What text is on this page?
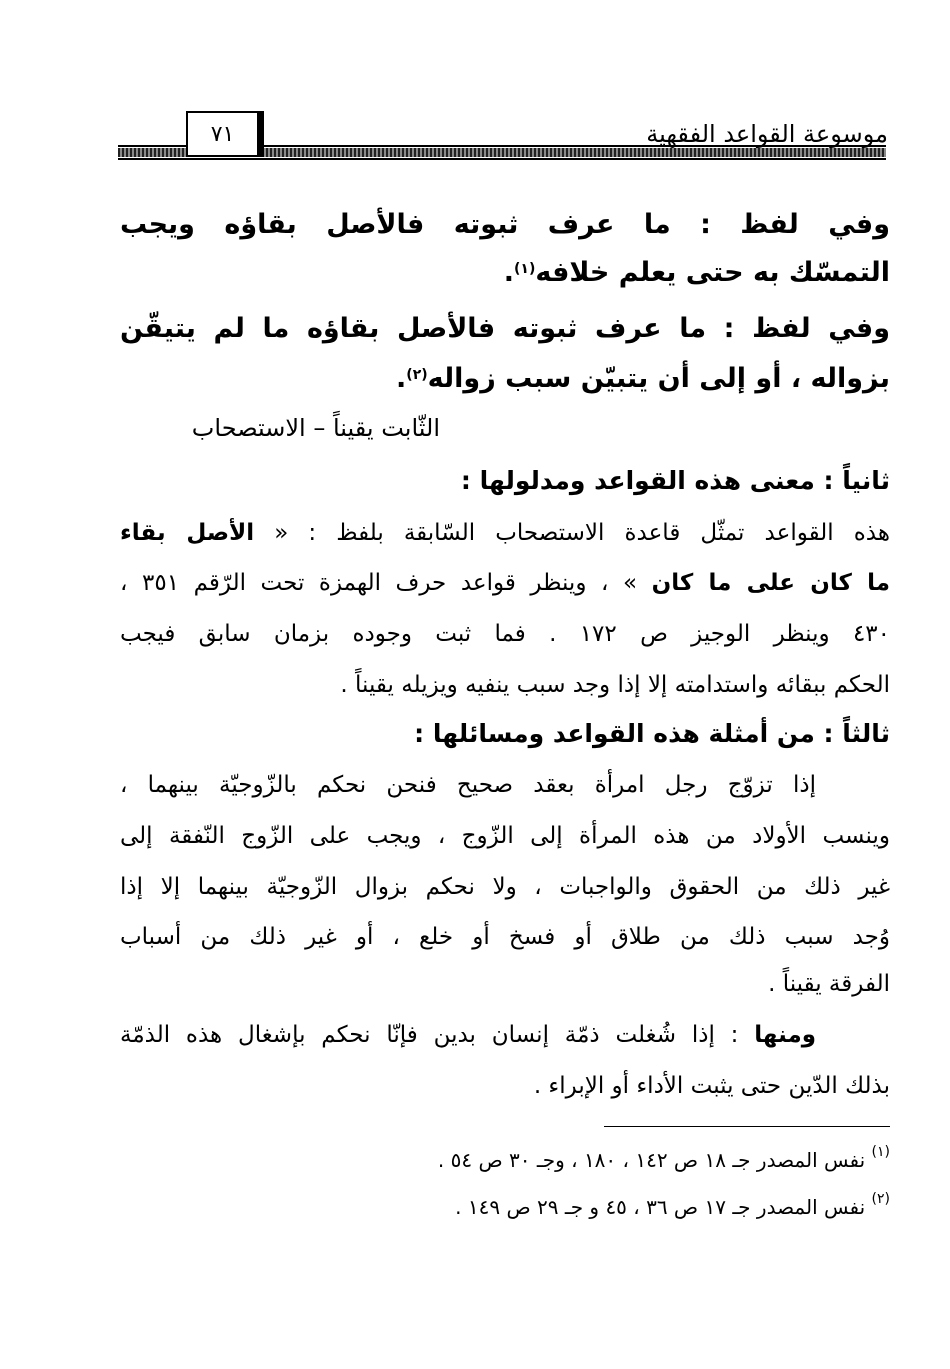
موسوعة القواعد الفقهية
٧١
وفي لفظ : ما عرف ثبوته فالأصل بقاؤه ويجب
التمسّك به حتى يعلم خلافه$^{(١)}$.
وفي لفظ : ما عرف ثبوته فالأصل بقاؤه ما لم يتيقّن
بزواله ، أو إلى أن يتبيّن سبب زواله$^{(٢)}$.
الثّابت يقيناً – الاستصحاب
ثانياً : معنى هذه القواعد ومدلولها :
هذه القواعد تمثّل قاعدة الاستصحاب السّابقة بلفظ : « الأصل بقاء
ما كان على ما كان » ، وينظر قواعد حرف الهمزة تحت الرّقم ٣٥١ ،
٤٣٠ وينظر الوجيز ص ١٧٢ . فما ثبت وجوده بزمان سابق فيجب
الحكم ببقائه واستدامته إلا إذا وجد سبب ينفيه ويزيله يقيناً .
ثالثاً : من أمثلة هذه القواعد ومسائلها :
إذا تزوّج رجل امرأة بعقد صحيح فنحن نحكم بالزّوجيّة بينهما ،
وينسب الأولاد من هذه المرأة إلى الزّوج ، ويجب على الزّوج النّفقة إلى
غير ذلك من الحقوق والواجبات ، ولا نحكم بزوال الزّوجيّة بينهما إلا إذا
وُجد سبب ذلك من طلاق أو فسخ أو خلع ، أو غير ذلك من أسباب
الفرقة يقيناً .
ومنها : إذا شُغلت ذمّة إنسان بدين فإنّا نحكم بإشغال هذه الذمّة
بذلك الدّين حتى يثبت الأداء أو الإبراء .
$^{(١)}$ نفس المصدر جـ ١٨ ص ١٤٢ ، ١٨٠ ، وجـ ٣٠ ص ٥٤ .
$^{(٢)}$ نفس المصدر جـ ١٧ ص ٣٦ ، ٤٥ و جـ ٢٩ ص ١٤٩ .
